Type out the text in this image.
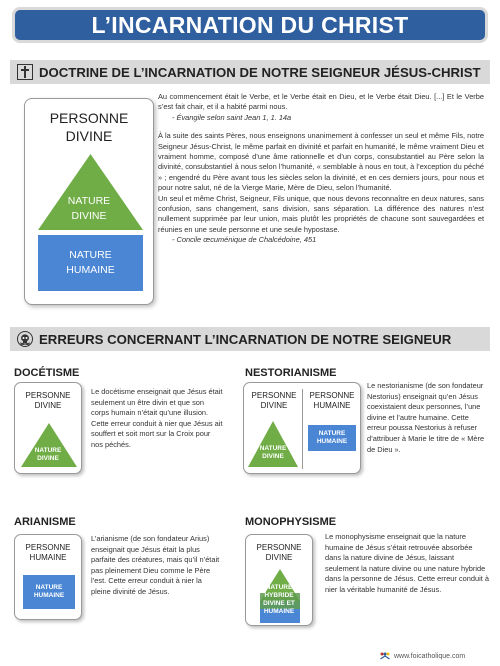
L’INCARNATION DU CHRIST
DOCTRINE DE L’INCARNATION DE NOTRE SEIGNEUR JÉSUS-CHRIST
PERSONNE
DIVINE
NATURE
DIVINE
NATURE
HUMAINE

Au commencement était le Verbe, et le Verbe était en Dieu, et le Verbe était Dieu. [...] Et le Verbe s’est fait chair, et il a habité parmi nous.

- Évangile selon saint Jean 1, 1. 14a

À la suite des saints Pères, nous enseignons unanimement à confesser un seul et même Fils, notre Seigneur Jésus-Christ, le même parfait en divinité et parfait en humanité, le même vraiment Dieu et vraiment homme, composé d’une âme rationnelle et d’un corps, consubstantiel au Père selon la divinité, consubstantiel à nous selon l’humanité, « semblable à nous en tout, à l’exception du péché » ; engendré du Père avant tous les siècles selon la divinité, et en ces derniers jours, pour nous et pour notre salut, né de la Vierge Marie, Mère de Dieu, selon l’humanité.

Un seul et même Christ, Seigneur, Fils unique, que nous devons reconnaître en deux natures, sans confusion, sans changement, sans division, sans séparation. La différence des natures n’est nullement supprimée par leur union, mais plutôt les propriétés de chacune sont sauvegardées et réunies en une seule personne et une seule hypostase.

- Concile œcuménique de Chalcédoine, 451

ERREURS CONCERNANT L’INCARNATION DE NOTRE SEIGNEUR
DOCÉTISME
PERSONNE
DIVINE
NATURE
DIVINE
Le docétisme enseignait que Jésus était seulement un être divin et que son corps humain n’était qu’une illusion. Cette erreur conduit à nier que Jésus ait souffert et soit mort sur la Croix pour nos péchés.
NESTORIANISME
PERSONNE
DIVINE
PERSONNE
HUMAINE
NATURE
DIVINE
NATURE
HUMAINE
Le nestorianisme (de son fondateur Nestorius) enseignait qu’en Jésus coexistaient deux personnes, l’une divine et l’autre humaine. Cette erreur poussa Nestorius à refuser d’attribuer à Marie le titre de « Mère de Dieu ».
ARIANISME
PERSONNE
HUMAINE
NATURE
HUMAINE
L’arianisme (de son fondateur Arius) enseignait que Jésus était la plus parfaite des créatures, mais qu’il n’était pas pleinement Dieu comme le Père l’est. Cette erreur conduit à nier la pleine divinité de Jésus.
MONOPHYSISME
PERSONNE
DIVINE
NATURE
HYBRIDE
DIVINE ET
HUMAINE
Le monophysisme enseignait que la nature humaine de Jésus s’était retrouvée absorbée dans la nature divine de Jésus, laissant seulement la nature divine ou une nature hybride dans la personne de Jésus. Cette erreur conduit à nier la véritable humanité de Jésus.
www.foicatholique.com
